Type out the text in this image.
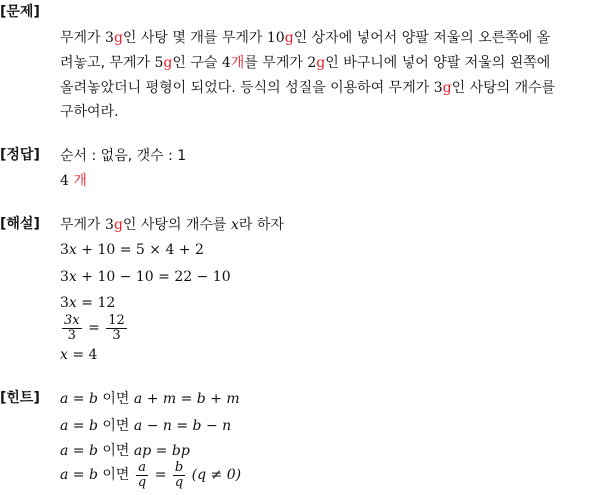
[문제]
무게가 3g인 사탕 몇 개를 무게가 10g인 상자에 넣어서 양팔 저울의 오른쪽에 올
려놓고, 무게가 5g인 구슬 4개를 무게가 2g인 바구니에 넣어 양팔 저울의 왼쪽에
올려놓았더니 평형이 되었다. 등식의 성질을 이용하여 무게가 3g인 사탕의 개수를
구하여라.
[정답] 순서 : 없음, 갯수 : 1
4 개
[해설] 무게가 3g인 사탕의 개수를 x라 하자
3x + 10 = 5 × 4 + 2
3x + 10 − 10 = 22 − 10
3x = 12
$\frac{3x}{3} = \frac{12}{3}$
x = 4
[힌트] a = b 이면 a + m = b + m
a = b 이면 a − n = b − n
a = b 이면 ap = bp
a = b 이면 $\frac{a}{q} = \frac{b}{q} (q \ne 0)$
